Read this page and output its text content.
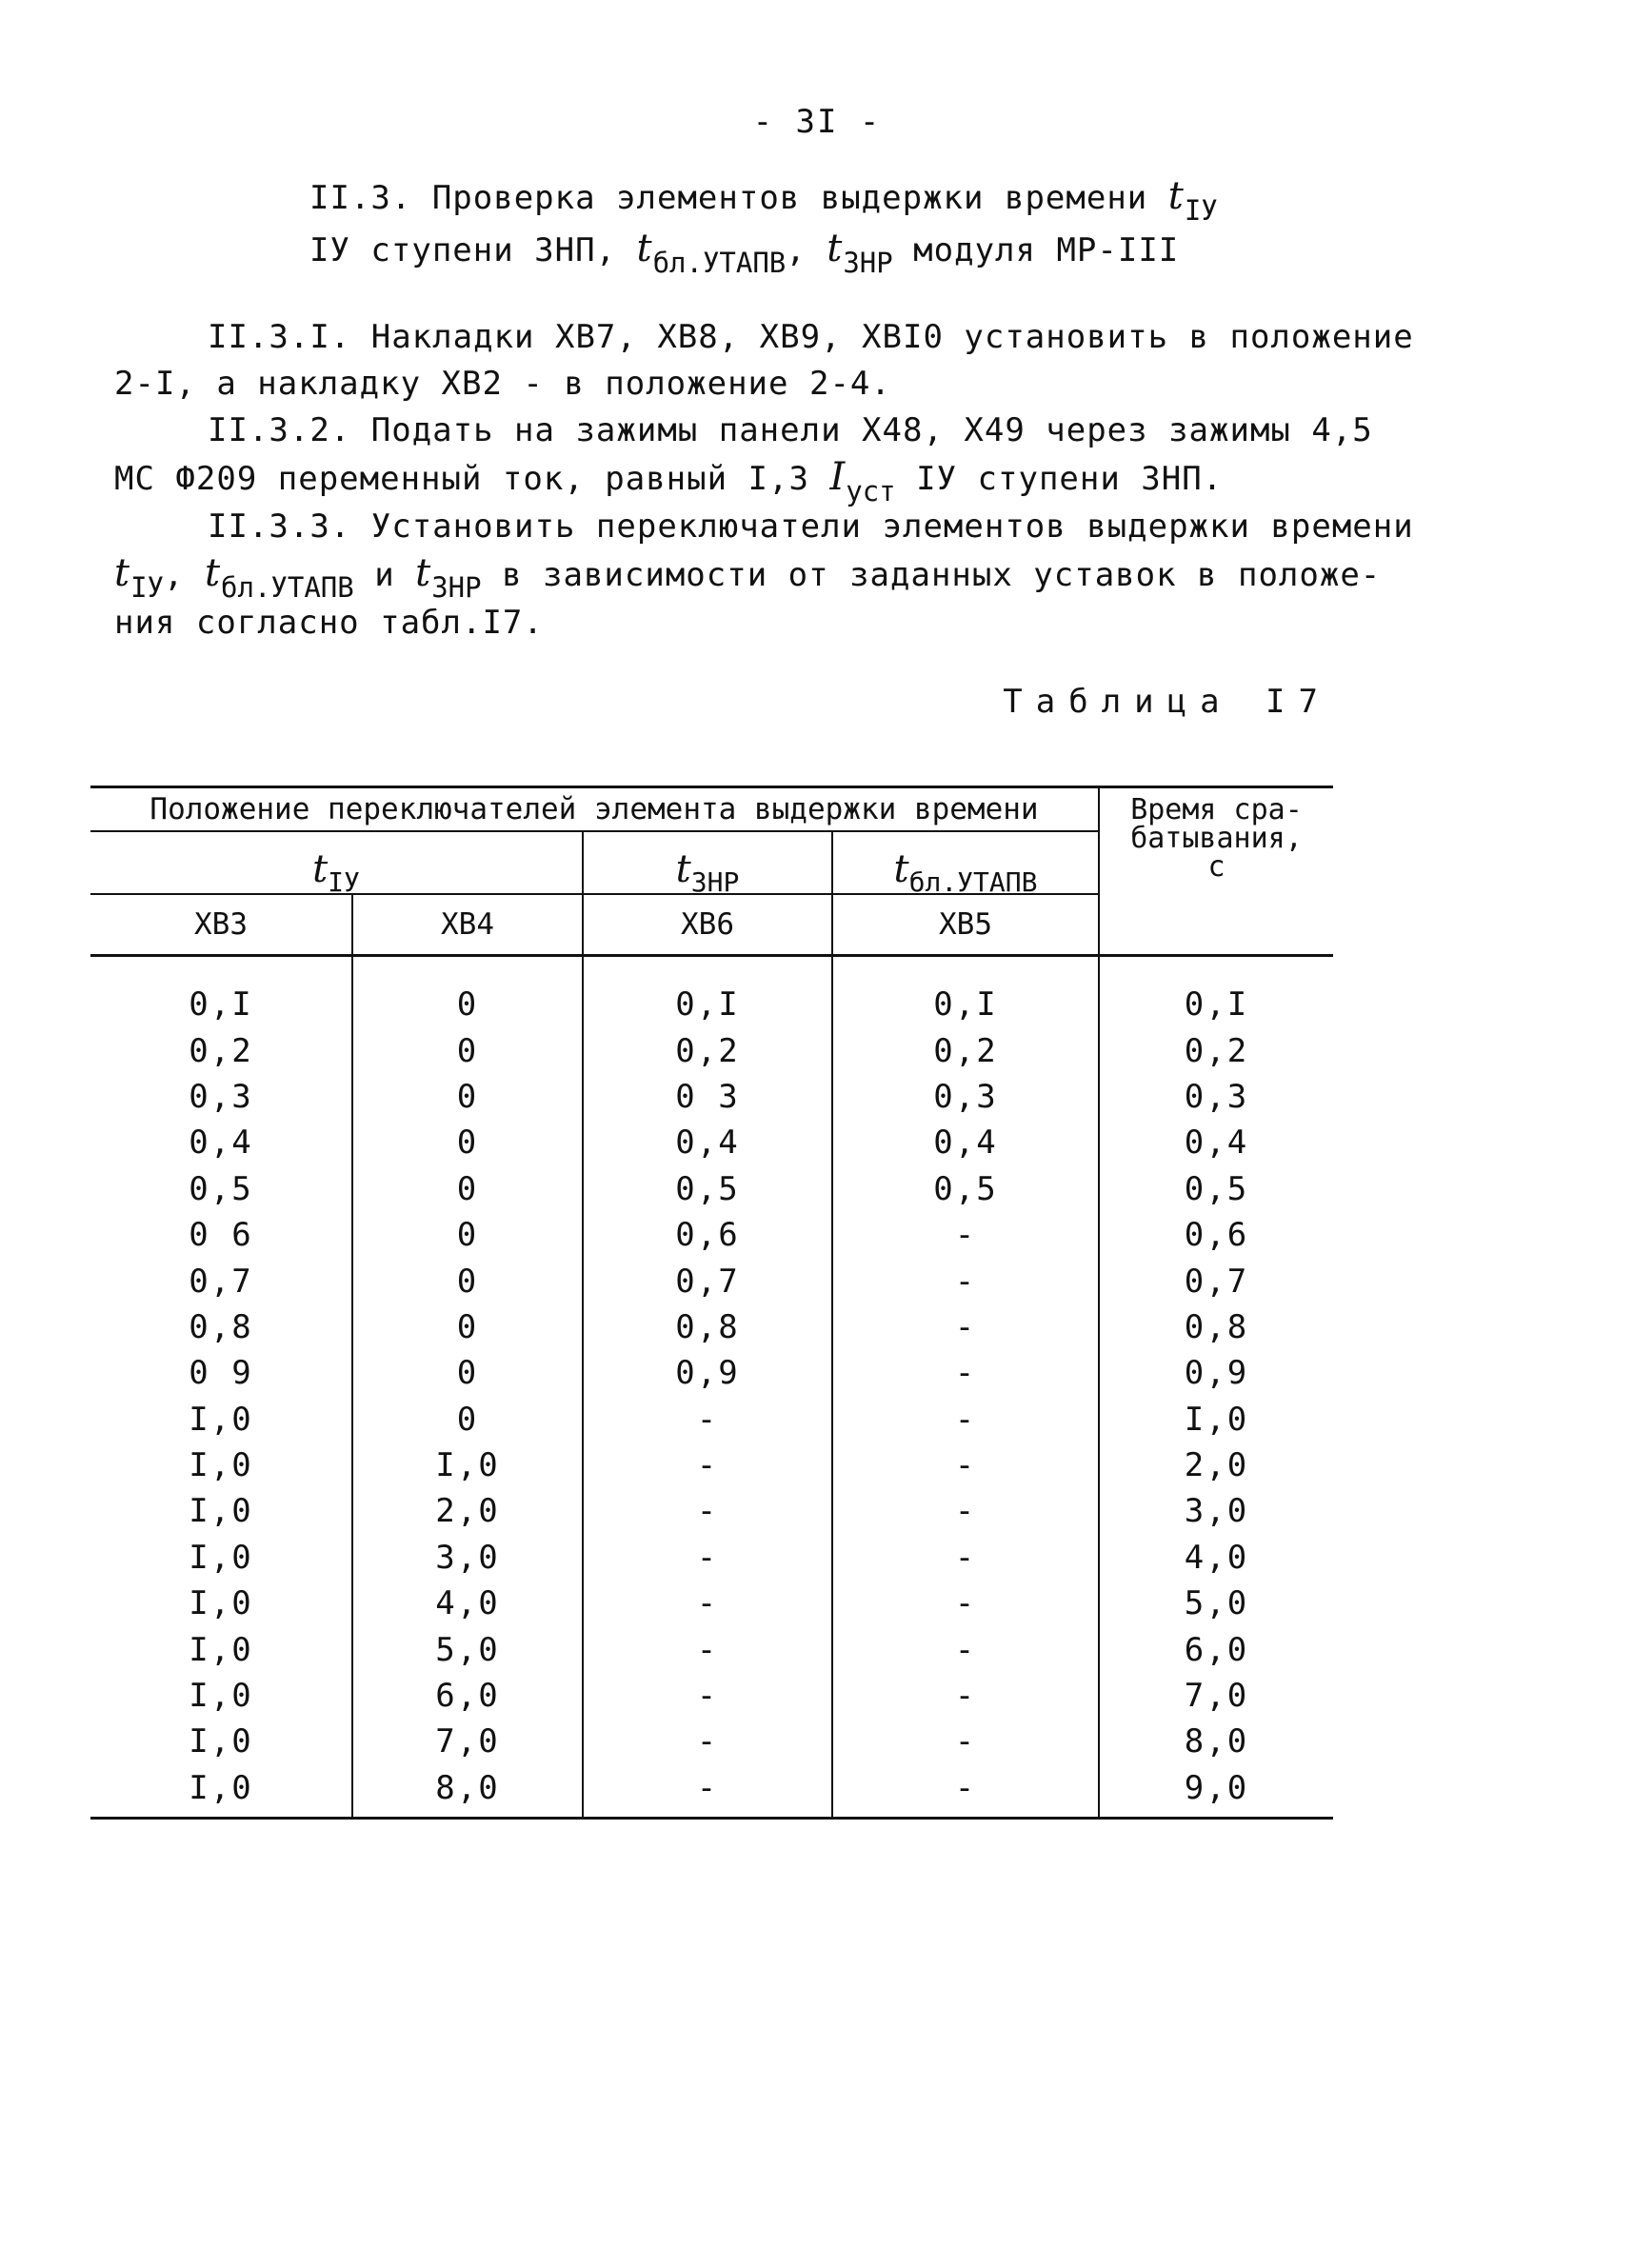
- 3I -
II.3. Проверка элементов выдержки времени tIУ
IУ ступени ЗНП, tбл.УТАПВ, tЗНР модуля МР-III
II.3.I. Накладки ХВ7, ХВ8, ХВ9, ХВI0 установить в положение
2-I, а накладку ХВ2 - в положение 2-4.
II.3.2. Подать на зажимы панели Х48, Х49 через зажимы 4,5
МС Ф209 переменный ток, равный I,3 Iуст IУ ступени ЗНП.
II.3.3. Установить переключатели элементов выдержки времени
tIУ, tбл.УТАПВ и tЗНР в зависимости от заданных уставок в положе-
ния согласно табл.I7.
Таблица I7
Положение переключателей элемента выдержки времени				Время сра-
батывания,
с

$t_{IУ}$		$t_{ЗНР}$	$t_{бл.УТАПВ}$
ХВ3	ХВ4	ХВ6	ХВ5	
0,I	0	0,I	0,I	0,I
0,2	0	0,2	0,2	0,2
0,3	0	0 3	0,3	0,3
0,4	0	0,4	0,4	0,4
0,5	0	0,5	0,5	0,5
0 6	0	0,6	-	0,6
0,7	0	0,7	-	0,7
0,8	0	0,8	-	0,8
0 9	0	0,9	-	0,9
I,0	0	-	-	I,0
I,0	I,0	-	-	2,0
I,0	2,0	-	-	3,0
I,0	3,0	-	-	4,0
I,0	4,0	-	-	5,0
I,0	5,0	-	-	6,0
I,0	6,0	-	-	7,0
I,0	7,0	-	-	8,0
I,0	8,0	-	-	9,0
